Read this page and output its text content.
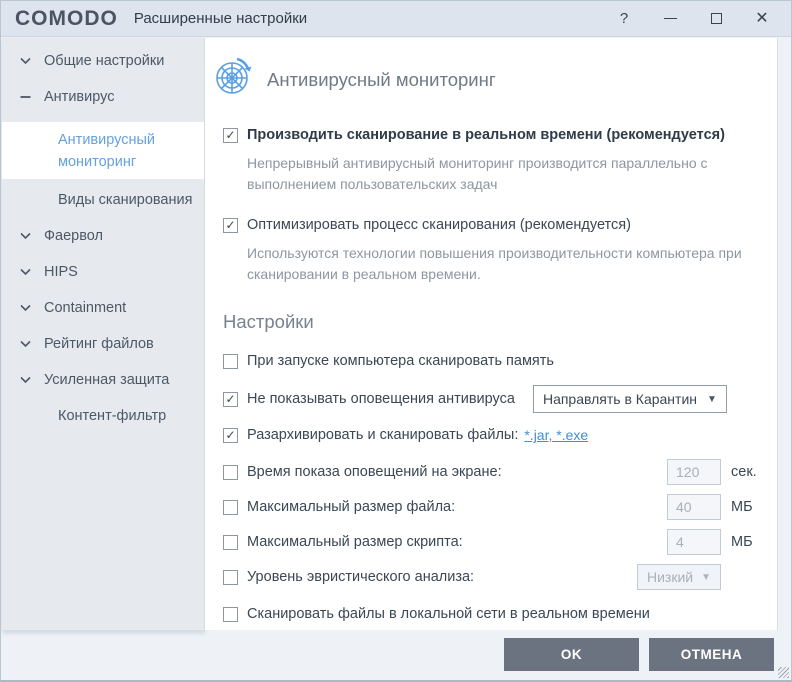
COMODO Расширенные настройки	?	✕
Общие настройки
Антивирус
Антивирусный мониторинг
Виды сканирования
Фаервол
HIPS
Containment
Рейтинг файлов
Усиленная защита
Контент-фильтр
Антивирусный мониторинг
✓ Производить сканирование в реальном времени (рекомендуется)
Непрерывный антивирусный мониторинг производится параллельно с выполнением пользовательских задач
✓ Оптимизировать процесс сканирования (рекомендуется)
Используются технологии повышения производительности компьютера при сканировании в реальном времени.
Настройки
При запуске компьютера сканировать память
✓ Не показывать оповещения антивируса Направлять в Карантин ▼
✓ Разархивировать и сканировать файлы: *.jar, *.exe
Время показа оповещений на экране:
120	сек.
Максимальный размер файла:
40	МБ
Максимальный размер скрипта:
4	МБ
Уровень эвристического анализа:	Низкий ▼
Сканировать файлы в локальной сети в реальном времени
OK	ОТМЕНА
